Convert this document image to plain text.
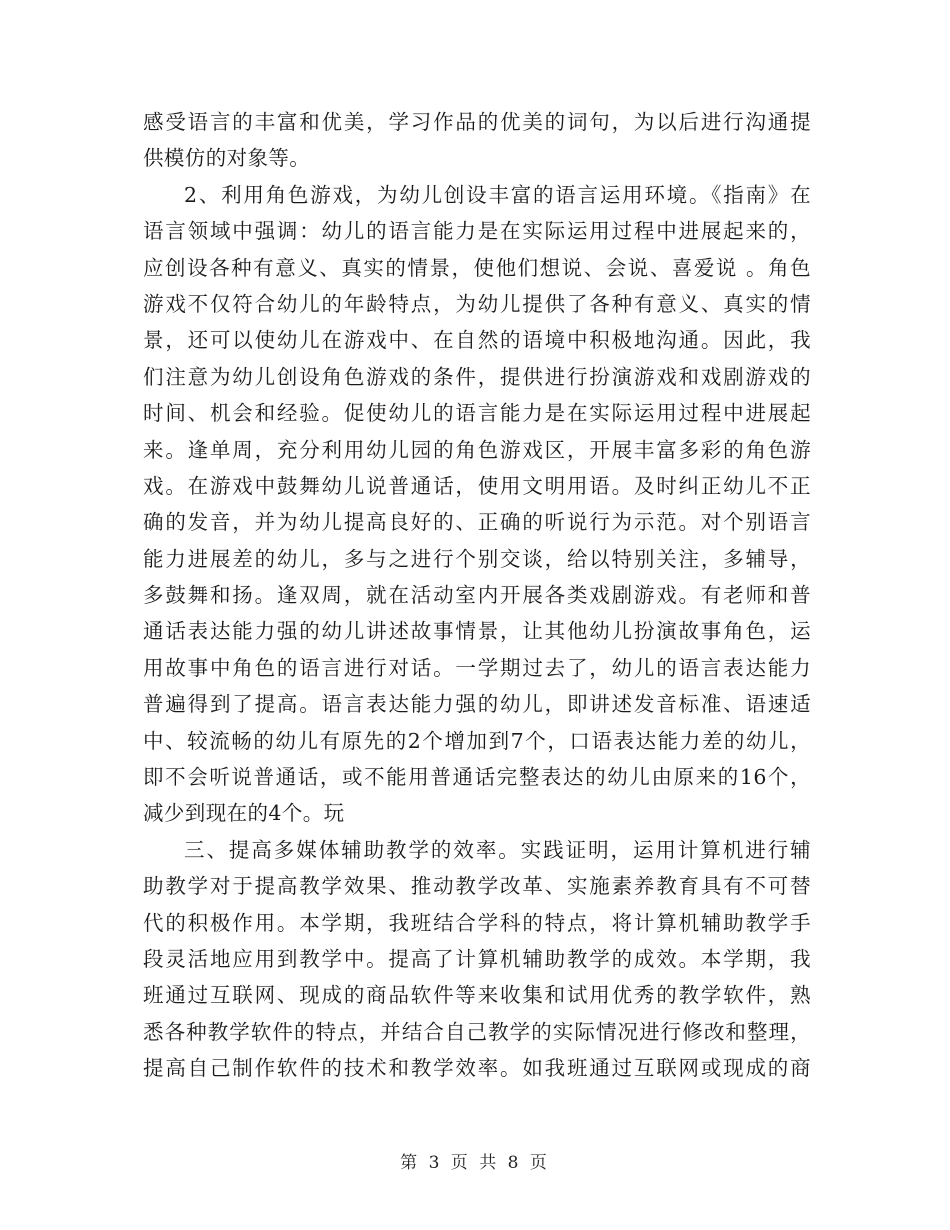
感受语言的丰富和优美，学习作品的优美的词句，为以后进行沟通提
供模仿的对象等。
2、利用角色游戏，为幼儿创设丰富的语言运用环境。《指南》在
语言领域中强调：幼儿的语言能力是在实际运用过程中进展起来的，
应创设各种有意义、真实的情景，使他们想说、会说、喜爱说 。角色
游戏不仅符合幼儿的年龄特点，为幼儿提供了各种有意义、真实的情
景，还可以使幼儿在游戏中、在自然的语境中积极地沟通。因此，我
们注意为幼儿创设角色游戏的条件，提供进行扮演游戏和戏剧游戏的
时间、机会和经验。促使幼儿的语言能力是在实际运用过程中进展起
来。逢单周，充分利用幼儿园的角色游戏区，开展丰富多彩的角色游
戏。在游戏中鼓舞幼儿说普通话，使用文明用语。及时纠正幼儿不正
确的发音，并为幼儿提高良好的、正确的听说行为示范。对个别语言
能力进展差的幼儿，多与之进行个别交谈，给以特别关注，多辅导，
多鼓舞和扬。逢双周，就在活动室内开展各类戏剧游戏。有老师和普
通话表达能力强的幼儿讲述故事情景，让其他幼儿扮演故事角色，运
用故事中角色的语言进行对话。一学期过去了，幼儿的语言表达能力
普遍得到了提高。语言表达能力强的幼儿，即讲述发音标准、语速适
中、较流畅的幼儿有原先的2个增加到7个，口语表达能力差的幼儿，
即不会听说普通话，或不能用普通话完整表达的幼儿由原来的16个，
减少到现在的4个。玩
三、提高多媒体辅助教学的效率。实践证明，运用计算机进行辅
助教学对于提高教学效果、推动教学改革、实施素养教育具有不可替
代的积极作用。本学期，我班结合学科的特点，将计算机辅助教学手
段灵活地应用到教学中。提高了计算机辅助教学的成效。本学期，我
班通过互联网、现成的商品软件等来收集和试用优秀的教学软件，熟
悉各种教学软件的特点，并结合自己教学的实际情况进行修改和整理，
提高自己制作软件的技术和教学效率。如我班通过互联网或现成的商
第 3 页 共 8 页
